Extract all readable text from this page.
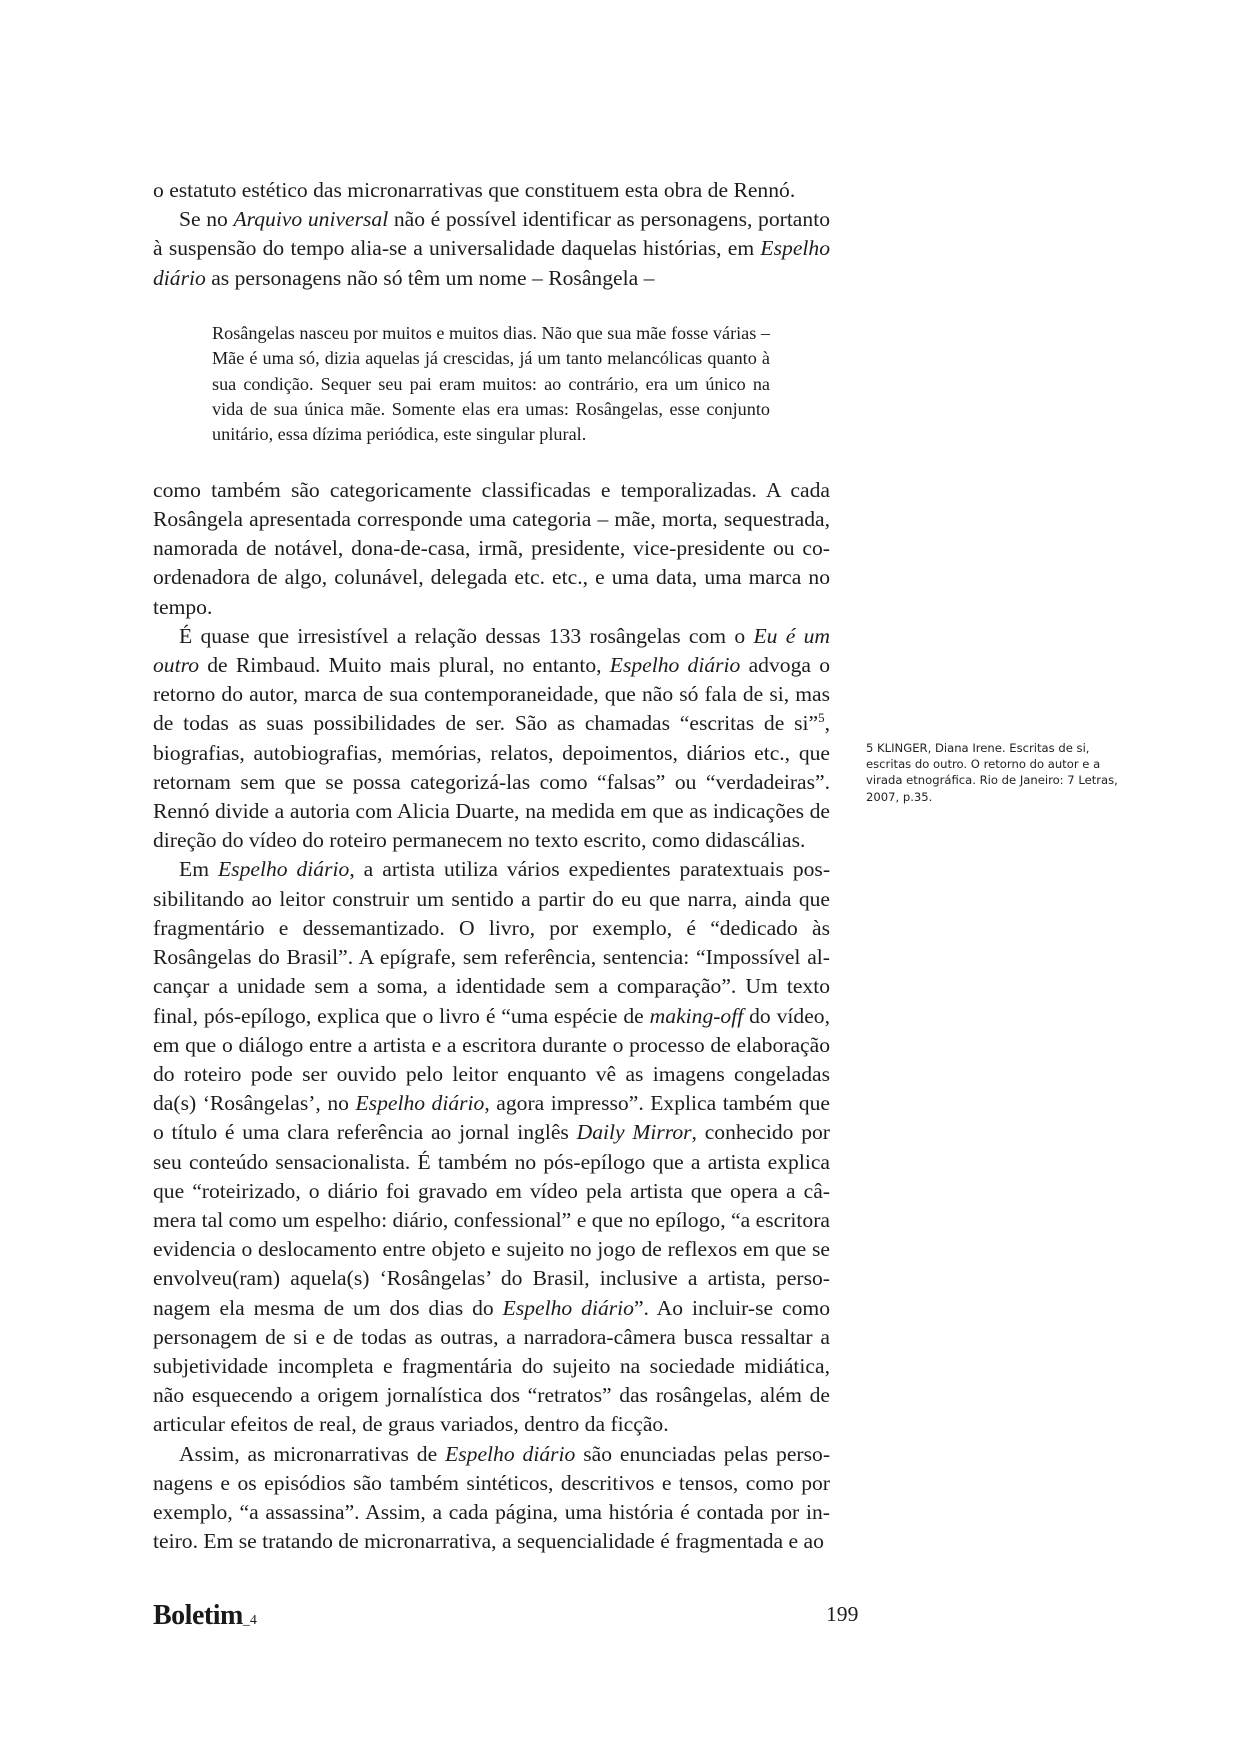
o estatuto estético das micronarrativas que constituem esta obra de Rennó.

Se no Arquivo universal não é possível identificar as personagens, portanto à suspensão do tempo alia-se a universalidade daquelas histórias, em Espelho diário as personagens não só têm um nome – Rosângela –

Rosângelas nasceu por muitos e muitos dias. Não que sua mãe fosse várias – Mãe é uma só, dizia aquelas já crescidas, já um tanto melancólicas quanto à sua condição. Sequer seu pai eram muitos: ao contrário, era um único na vida de sua única mãe. Somente elas era umas: Rosângelas, esse conjunto unitário, essa dízima periódica, este singular plural.

como também são categoricamente classificadas e temporalizadas. A cada Rosângela apresentada corresponde uma categoria – mãe, morta, sequestrada, namorada de notável, dona-de-casa, irmã, presidente, vice-presidente ou coordenadora de algo, colunável, delegada etc. etc., e uma data, uma marca no tempo.

É quase que irresistível a relação dessas 133 rosângelas com o Eu é um outro de Rimbaud. Muito mais plural, no entanto, Espelho diário advoga o retorno do autor, marca de sua contemporaneidade, que não só fala de si, mas de todas as suas possibilidades de ser. São as chamadas “escritas de si”$^5$, biografias, autobiografias, memórias, relatos, depoimentos, diários etc., que retornam sem que se possa categorizá-las como “falsas” ou “verdadeiras”. Rennó divide a autoria com Alicia Duarte, na medida em que as indicações de direção do vídeo do roteiro permanecem no texto escrito, como didascálias.

Em Espelho diário, a artista utiliza vários expedientes paratextuais possibilitando ao leitor construir um sentido a partir do eu que narra, ainda que fragmentário e dessemantizado. O livro, por exemplo, é “dedicado às Rosângelas do Brasil”. A epígrafe, sem referência, sentencia: “Impossível alcançar a unidade sem a soma, a identidade sem a comparação”. Um texto final, pós-epílogo, explica que o livro é “uma espécie de making-off do vídeo, em que o diálogo entre a artista e a escritora durante o processo de elaboração do roteiro pode ser ouvido pelo leitor enquanto vê as imagens congeladas da(s) ‘Rosângelas’, no Espelho diário, agora impresso”. Explica também que o título é uma clara referência ao jornal inglês Daily Mirror, conhecido por seu conteúdo sensacionalista. É também no pós-epílogo que a artista explica que “roteirizado, o diário foi gravado em vídeo pela artista que opera a câmera tal como um espelho: diário, confessional” e que no epílogo, “a escritora evidencia o deslocamento entre objeto e sujeito no jogo de reflexos em que se envolveu(ram) aquela(s) ‘Rosângelas’ do Brasil, inclusive a artista, personagem ela mesma de um dos dias do Espelho diário”. Ao incluir-se como personagem de si e de todas as outras, a narradora-câmera busca ressaltar a subjetividade incompleta e fragmentária do sujeito na sociedade midiática, não esquecendo a origem jornalística dos “retratos” das rosângelas, além de articular efeitos de real, de graus variados, dentro da ficção.

Assim, as micronarrativas de Espelho diário são enunciadas pelas personagens e os episódios são também sintéticos, descritivos e tensos, como por exemplo, “a assassina”. Assim, a cada página, uma história é contada por inteiro. Em se tratando de micronarrativa, a sequencialidade é fragmentada e ao

5 KLINGER, Diana Irene. Escritas de si, escritas do outro. O retorno do autor e a virada etnográfica. Rio de Janeiro: 7 Letras, 2007, p.35.
Boletim_4	199
